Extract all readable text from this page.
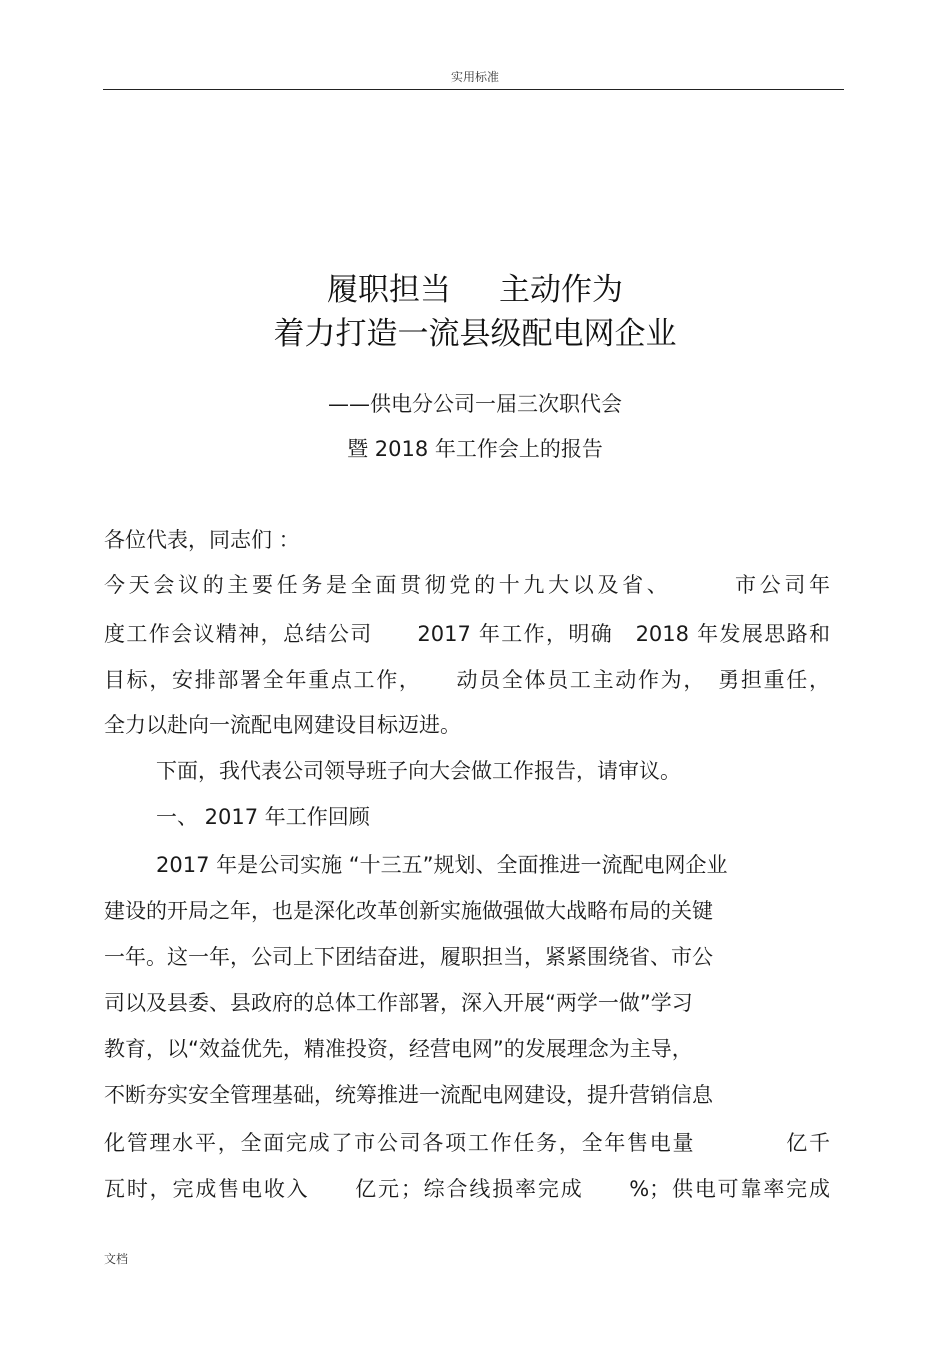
实用标准
履职担当 主动作为
着力打造一流县级配电网企业
——供电分公司一届三次职代会
暨 2018 年工作会上的报告
各位代表，同志们 ：
今天会议的主要任务是全面贯彻党的十九大以及省、　　　市公司年
度工作会议精神，总结公司　　2017 年工作，明确　2018 年发展思路和
目标，安排部署全年重点工作，　　动员全体员工主动作为，　勇担重任，
全力以赴向一流配电网建设目标迈进。
下面，我代表公司领导班子向大会做工作报告，请审议。
一、 2017 年工作回顾
2017 年是公司实施 “十三五”规划、全面推进一流配电网企业
建设的开局之年，也是深化改革创新实施做强做大战略布局的关键
一年。这一年，公司上下团结奋进，履职担当，紧紧围绕省、市公
司以及县委、县政府的总体工作部署，深入开展“两学一做”学习
教育，以“效益优先，精准投资，经营电网”的发展理念为主导，
不断夯实安全管理基础，统筹推进一流配电网建设，提升营销信息
化管理水平，全面完成了市公司各项工作任务，全年售电量　　　　亿千
瓦时，完成售电收入　　亿元；综合线损率完成　　%；供电可靠率完成
文档
